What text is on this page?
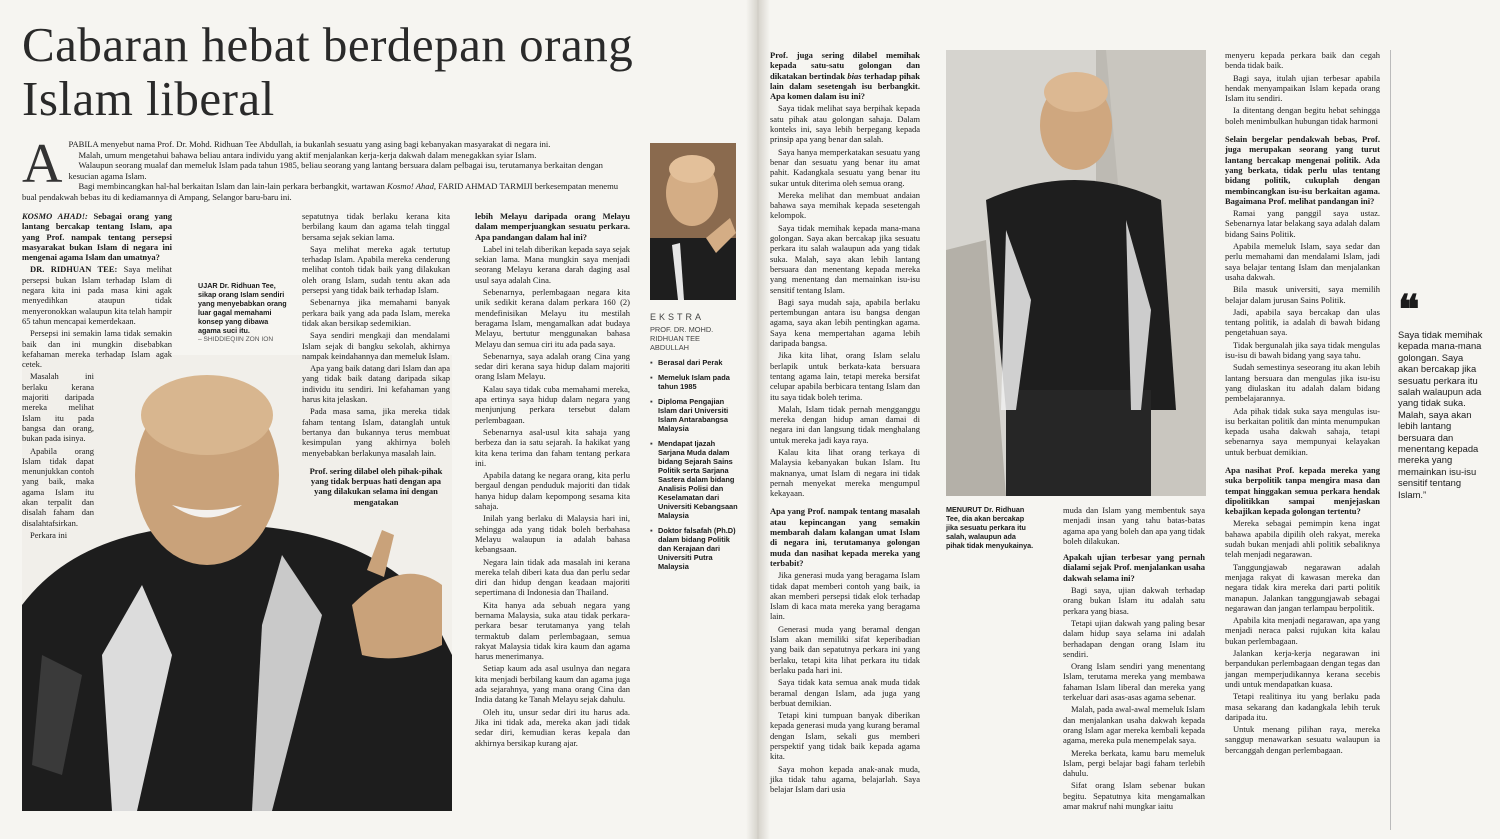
Cabaran hebat berdepan orang Islam liberal
A PABILA menyebut nama Prof. Dr. Mohd. Ridhuan Tee Abdullah, ia bukanlah sesuatu yang asing bagi kebanyakan masyarakat di negara ini.

Malah, umum mengetahui bahawa beliau antara individu yang aktif menjalankan kerja-kerja dakwah dalam menegakkan syiar Islam.

Walaupun seorang mualaf dan memeluk Islam pada tahun 1985, beliau seorang yang lantang bersuara dalam pelbagai isu, terutamanya berkaitan dengan kesucian agama Islam.

Bagi membincangkan hal-hal berkaitan Islam dan lain-lain perkara berbangkit, wartawan Kosmo! Ahad, FARID AHMAD TARMIJI berkesempatan menemu bual pendakwah bebas itu di kediamannya di Ampang, Selangor baru-baru ini.

UJAR Dr. Ridhuan Tee, sikap orang Islam sendiri yang menyebabkan orang luar gagal memahami konsep yang dibawa agama suci itu.
– SHIDDIEQIIN ZON ION

KOSMO AHAD!: Sebagai orang yang lantang bercakap tentang Islam, apa yang Prof. nampak tentang persepsi masyarakat bukan Islam di negara ini mengenai agama Islam dan umatnya?

DR. RIDHUAN TEE: Saya melihat persepsi bukan Islam terhadap Islam di negara kita ini pada masa kini agak menyedihkan ataupun tidak menyeronokkan walaupun kita telah hampir 65 tahun mencapai kemerdekaan.

Persepsi ini semakin lama tidak semakin baik dan ini mungkin disebabkan kefahaman mereka terhadap Islam agak cetek.

Masalah ini berlaku kerana majoriti daripada mereka melihat Islam itu pada bangsa dan orang, bukan pada isinya.

Apabila orang Islam tidak dapat menunjukkan contoh yang baik, maka agama Islam itu akan terpalit dan disalah faham dan disalahtafsirkan.

Perkara ini

sepatutnya tidak berlaku kerana kita berbilang kaum dan agama telah tinggal bersama sejak sekian lama.

Saya melihat mereka agak tertutup terhadap Islam. Apabila mereka cenderung melihat contoh tidak baik yang dilakukan oleh orang Islam, sudah tentu akan ada persepsi yang tidak baik terhadap Islam.

Sebenarnya jika memahami banyak perkara baik yang ada pada Islam, mereka tidak akan bersikap sedemikian.

Saya sendiri mengkaji dan mendalami Islam sejak di bangku sekolah, akhirnya nampak keindahannya dan memeluk Islam.

Apa yang baik datang dari Islam dan apa yang tidak baik datang daripada sikap individu itu sendiri. Ini kefahaman yang harus kita jelaskan.

Pada masa sama, jika mereka tidak faham tentang Islam, datanglah untuk bertanya dan bukannya terus membuat kesimpulan yang akhirnya boleh menyebabkan berlakunya masalah lain.

Prof. sering dilabel oleh pihak-pihak yang tidak berpuas hati dengan apa yang dilakukan selama ini dengan mengatakan

lebih Melayu daripada orang Melayu dalam memperjuangkan sesuatu perkara. Apa pandangan dalam hal ini?

Label ini telah diberikan kepada saya sejak sekian lama. Mana mungkin saya menjadi seorang Melayu kerana darah daging asal usul saya adalah Cina.

Sebenarnya, perlembagaan negara kita unik sedikit kerana dalam perkara 160 (2) mendefinisikan Melayu itu mestilah beragama Islam, mengamalkan adat budaya Melayu, bertutur menggunakan bahasa Melayu dan semua ciri itu ada pada saya.

Sebenarnya, saya adalah orang Cina yang sedar diri kerana saya hidup dalam majoriti orang Islam Melayu.

Kalau saya tidak cuba memahami mereka, apa ertinya saya hidup dalam negara yang menjunjung perkara tersebut dalam perlembagaan.

Sebenarnya asal-usul kita sahaja yang berbeza dan ia satu sejarah. Ia hakikat yang kita kena terima dan faham tentang perkara ini.

Apabila datang ke negara orang, kita perlu bergaul dengan penduduk majoriti dan tidak hanya hidup dalam kepompong sesama kita sahaja.

Inilah yang berlaku di Malaysia hari ini, sehingga ada yang tidak boleh berbahasa Melayu walaupun ia adalah bahasa kebangsaan.

Negara lain tidak ada masalah ini kerana mereka telah diberi kata dua dan perlu sedar diri dan hidup dengan keadaan majoriti sepertimana di Indonesia dan Thailand.

Kita hanya ada sebuah negara yang bernama Malaysia, suka atau tidak perkara-perkara besar terutamanya yang telah termaktub dalam perlembagaan, semua rakyat Malaysia tidak kira kaum dan agama harus menerimanya.

Setiap kaum ada asal usulnya dan negara kita menjadi berbilang kaum dan agama juga ada sejarahnya, yang mana orang Cina dan India datang ke Tanah Melayu sejak dahulu.

Oleh itu, unsur sedar diri itu harus ada. Jika ini tidak ada, mereka akan jadi tidak sedar diri, kemudian keras kepala dan akhirnya bersikap kurang ajar.

EKSTRA
PROF. DR. MOHD. RIDHUAN TEE ABDULLAH
▪ Berasal dari Perak
▪ Memeluk Islam pada tahun 1985
▪ Diploma Pengajian Islam dari Universiti Islam Antarabangsa Malaysia
▪ Mendapat Ijazah Sarjana Muda dalam bidang Sejarah Sains Politik serta Sarjana Sastera dalam bidang Analisis Polisi dan Keselamatan dari Universiti Kebangsaan Malaysia
▪ Doktor falsafah (Ph.D) dalam bidang Politik dan Kerajaan dari Universiti Putra Malaysia

Prof. juga sering dilabel memihak kepada satu-satu golongan dan dikatakan bertindak bias terhadap pihak lain dalam sesetengah isu berbangkit. Apa komen dalam isu ini?

Saya tidak melihat saya berpihak kepada satu pihak atau golongan sahaja. Dalam konteks ini, saya lebih berpegang kepada prinsip apa yang benar dan salah.

Saya hanya memperkatakan sesuatu yang benar dan sesuatu yang benar itu amat pahit. Kadangkala sesuatu yang benar itu sukar untuk diterima oleh semua orang.

Mereka melihat dan membuat andaian bahawa saya memihak kepada sesetengah kelompok.

Saya tidak memihak kepada mana-mana golongan. Saya akan bercakap jika sesuatu perkara itu salah walaupun ada yang tidak suka. Malah, saya akan lebih lantang bersuara dan menentang kepada mereka yang menentang dan memainkan isu-isu sensitif tentang Islam.

Bagi saya mudah saja, apabila berlaku pertembungan antara isu bangsa dengan agama, saya akan lebih pentingkan agama. Saya kena mempertahan agama lebih daripada bangsa.

Jika kita lihat, orang Islam selalu berlapik untuk berkata-kata bersuara tentang agama lain, tetapi mereka bersifat celupar apabila berbicara tentang Islam dan itu saya tidak boleh terima.

Malah, Islam tidak pernah mengganggu mereka dengan hidup aman damai di negara ini dan langsung tidak menghalang untuk mereka jadi kaya raya.

Kalau kita lihat orang terkaya di Malaysia kebanyakan bukan Islam. Itu maknanya, umat Islam di negara ini tidak pernah menyekat mereka mengumpul kekayaan.

Apa yang Prof. nampak tentang masalah atau kepincangan yang semakin membarah dalam kalangan umat Islam di negara ini, terutamanya golongan muda dan nasihat kepada mereka yang terbabit?

Jika generasi muda yang beragama Islam tidak dapat memberi contoh yang baik, ia akan memberi persepsi tidak elok terhadap Islam di kaca mata mereka yang beragama lain.

Generasi muda yang beramal dengan Islam akan memiliki sifat keperibadian yang baik dan sepatutnya perkara ini yang berlaku, tetapi kita lihat perkara itu tidak berlaku pada hari ini.

Saya tidak kata semua anak muda tidak beramal dengan Islam, ada juga yang berbuat demikian.

Tetapi kini tumpuan banyak diberikan kepada generasi muda yang kurang beramal dengan Islam, sekali gus memberi perspektif yang tidak baik kepada agama kita.

Saya mohon kepada anak-anak muda, jika tidak tahu agama, belajarlah. Saya belajar Islam dari usia

MENURUT Dr. Ridhuan Tee, dia akan bercakap jika sesuatu perkara itu salah, walaupun ada pihak tidak menyukainya.

muda dan Islam yang membentuk saya menjadi insan yang tahu batas-batas agama apa yang boleh dan apa yang tidak boleh dilakukan.

Apakah ujian terbesar yang pernah dialami sejak Prof. menjalankan usaha dakwah selama ini?

Bagi saya, ujian dakwah terhadap orang bukan Islam itu adalah satu perkara yang biasa.

Tetapi ujian dakwah yang paling besar dalam hidup saya selama ini adalah berhadapan dengan orang Islam itu sendiri.

Orang Islam sendiri yang menentang Islam, terutama mereka yang membawa fahaman Islam liberal dan mereka yang terkeluar dari asas-asas agama sebenar.

Malah, pada awal-awal memeluk Islam dan menjalankan usaha dakwah kepada orang Islam agar mereka kembali kepada agama, mereka pula menempelak saya.

Mereka berkata, kamu baru memeluk Islam, pergi belajar bagi faham terlebih dahulu.

Sifat orang Islam sebenar bukan begitu. Sepatutnya kita mengamalkan amar makruf nahi mungkar iaitu

menyeru kepada perkara baik dan cegah benda tidak baik.

Bagi saya, itulah ujian terbesar apabila hendak menyampaikan Islam kepada orang Islam itu sendiri.

Ia ditentang dengan begitu hebat sehingga boleh menimbulkan hubungan tidak harmoni

Selain bergelar pendakwah bebas, Prof. juga merupakan seorang yang turut lantang bercakap mengenai politik. Ada yang berkata, tidak perlu ulas tentang bidang politik, cukuplah dengan membincangkan isu-isu berkaitan agama. Bagaimana Prof. melihat pandangan ini?

Ramai yang panggil saya ustaz. Sebenarnya latar belakang saya adalah dalam bidang Sains Politik.

Apabila memeluk Islam, saya sedar dan perlu memahami dan mendalami Islam, jadi saya belajar tentang Islam dan menjalankan usaha dakwah.

Bila masuk universiti, saya memilih belajar dalam jurusan Sains Politik.

Jadi, apabila saya bercakap dan ulas tentang politik, ia adalah di bawah bidang pengetahuan saya.

Tidak bergunalah jika saya tidak mengulas isu-isu di bawah bidang yang saya tahu.

Sudah semestinya seseorang itu akan lebih lantang bersuara dan mengulas jika isu-isu yang diulaskan itu adalah dalam bidang pembelajarannya.

Ada pihak tidak suka saya mengulas isu-isu berkaitan politik dan minta menumpukan kepada usaha dakwah sahaja, tetapi sebenarnya saya mempunyai kelayakan untuk berbuat demikian.

Apa nasihat Prof. kepada mereka yang suka berpolitik tanpa mengira masa dan tempat hinggakan semua perkara hendak dipolitikkan sampai menjejaskan kebajikan kepada golongan tertentu?

Mereka sebagai pemimpin kena ingat bahawa apabila dipilih oleh rakyat, mereka sudah bukan menjadi ahli politik sebaliknya telah menjadi negarawan.

Tanggungjawab negarawan adalah menjaga rakyat di kawasan mereka dan negara tidak kira mereka dari parti politik manapun. Jalankan tanggungjawab sebagai negarawan dan jangan terlampau berpolitik.

Apabila kita menjadi negarawan, apa yang menjadi neraca paksi rujukan kita kalau bukan perlembagaan.

Jalankan kerja-kerja negarawan ini berpandukan perlembagaan dengan tegas dan jangan memperjudikannya kerana secebis undi untuk mendapatkan kuasa.

Tetapi realitinya itu yang berlaku pada masa sekarang dan kadangkala lebih teruk daripada itu.

Untuk menang pilihan raya, mereka sanggup menawarkan sesuatu walaupun ia bercanggah dengan perlembagaan.

❝
Saya tidak memihak kepada mana-mana golongan. Saya akan bercakap jika sesuatu perkara itu salah walaupun ada yang tidak suka. Malah, saya akan lebih lantang bersuara dan menentang kepada mereka yang memainkan isu-isu sensitif tentang Islam.”
